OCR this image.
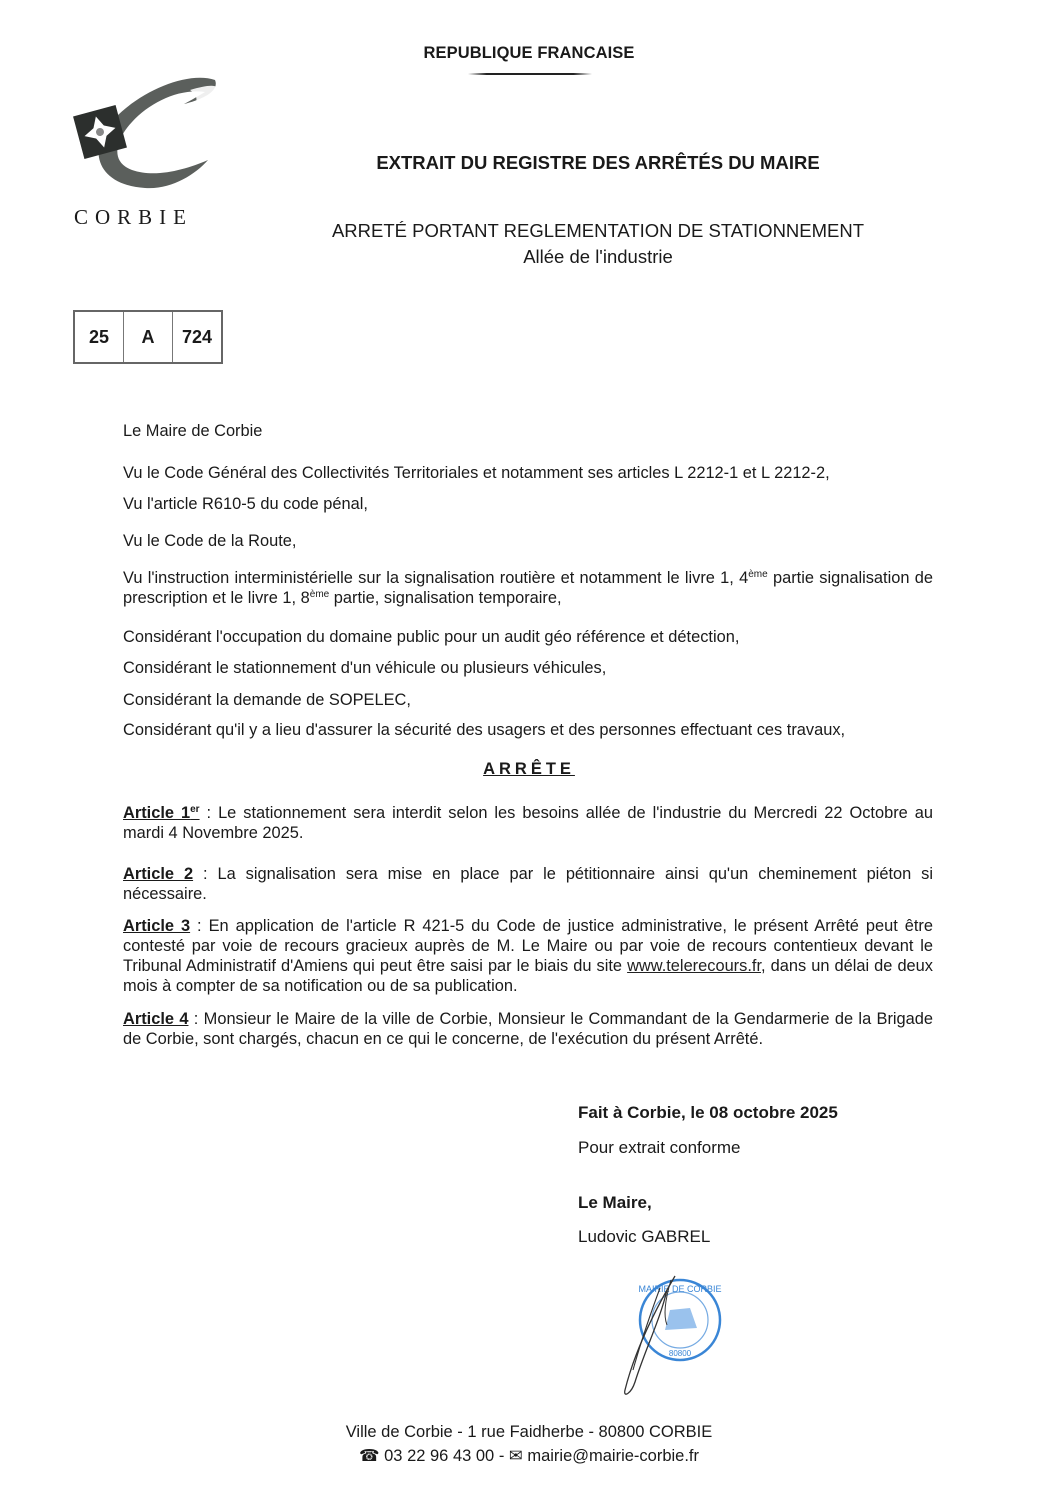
REPUBLIQUE FRANCAISE
CORBIE
EXTRAIT DU REGISTRE DES ARRÊTÉS DU MAIRE
ARRETÉ PORTANT REGLEMENTATION DE STATIONNEMENT
Allée de l'industrie
25	A	724
Le Maire de Corbie
Vu le Code Général des Collectivités Territoriales et notamment ses articles L 2212-1 et L 2212-2,
Vu l'article R610-5 du code pénal,
Vu le Code de la Route,
Vu l'instruction interministérielle sur la signalisation routière et notamment le livre 1, 4ème partie signalisation de prescription et le livre 1, 8ème partie, signalisation temporaire,
Considérant l'occupation du domaine public pour un audit géo référence et détection,
Considérant le stationnement d'un véhicule ou plusieurs véhicules,
Considérant la demande de SOPELEC,
Considérant qu'il y a lieu d'assurer la sécurité des usagers et des personnes effectuant ces travaux,
ARRÊTE
Article 1er : Le stationnement sera interdit selon les besoins allée de l'industrie du Mercredi 22 Octobre au mardi 4 Novembre 2025.
Article 2 : La signalisation sera mise en place par le pétitionnaire ainsi qu'un cheminement piéton si nécessaire.
Article 3 : En application de l'article R 421-5 du Code de justice administrative, le présent Arrêté peut être contesté par voie de recours gracieux auprès de M. Le Maire ou par voie de recours contentieux devant le Tribunal Administratif d'Amiens qui peut être saisi par le biais du site www.telerecours.fr, dans un délai de deux mois à compter de sa notification ou de sa publication.
Article 4 : Monsieur le Maire de la ville de Corbie, Monsieur le Commandant de la Gendarmerie de la Brigade de Corbie, sont chargés, chacun en ce qui le concerne, de l'exécution du présent Arrêté.
Fait à Corbie, le 08 octobre 2025
Pour extrait conforme
Le Maire,
Ludovic GABREL
MAIRIE DE CORBIE
80800
Ville de Corbie - 1 rue Faidherbe - 80800 CORBIE
☎ 03 22 96 43 00 - ✉ mairie@mairie-corbie.fr
